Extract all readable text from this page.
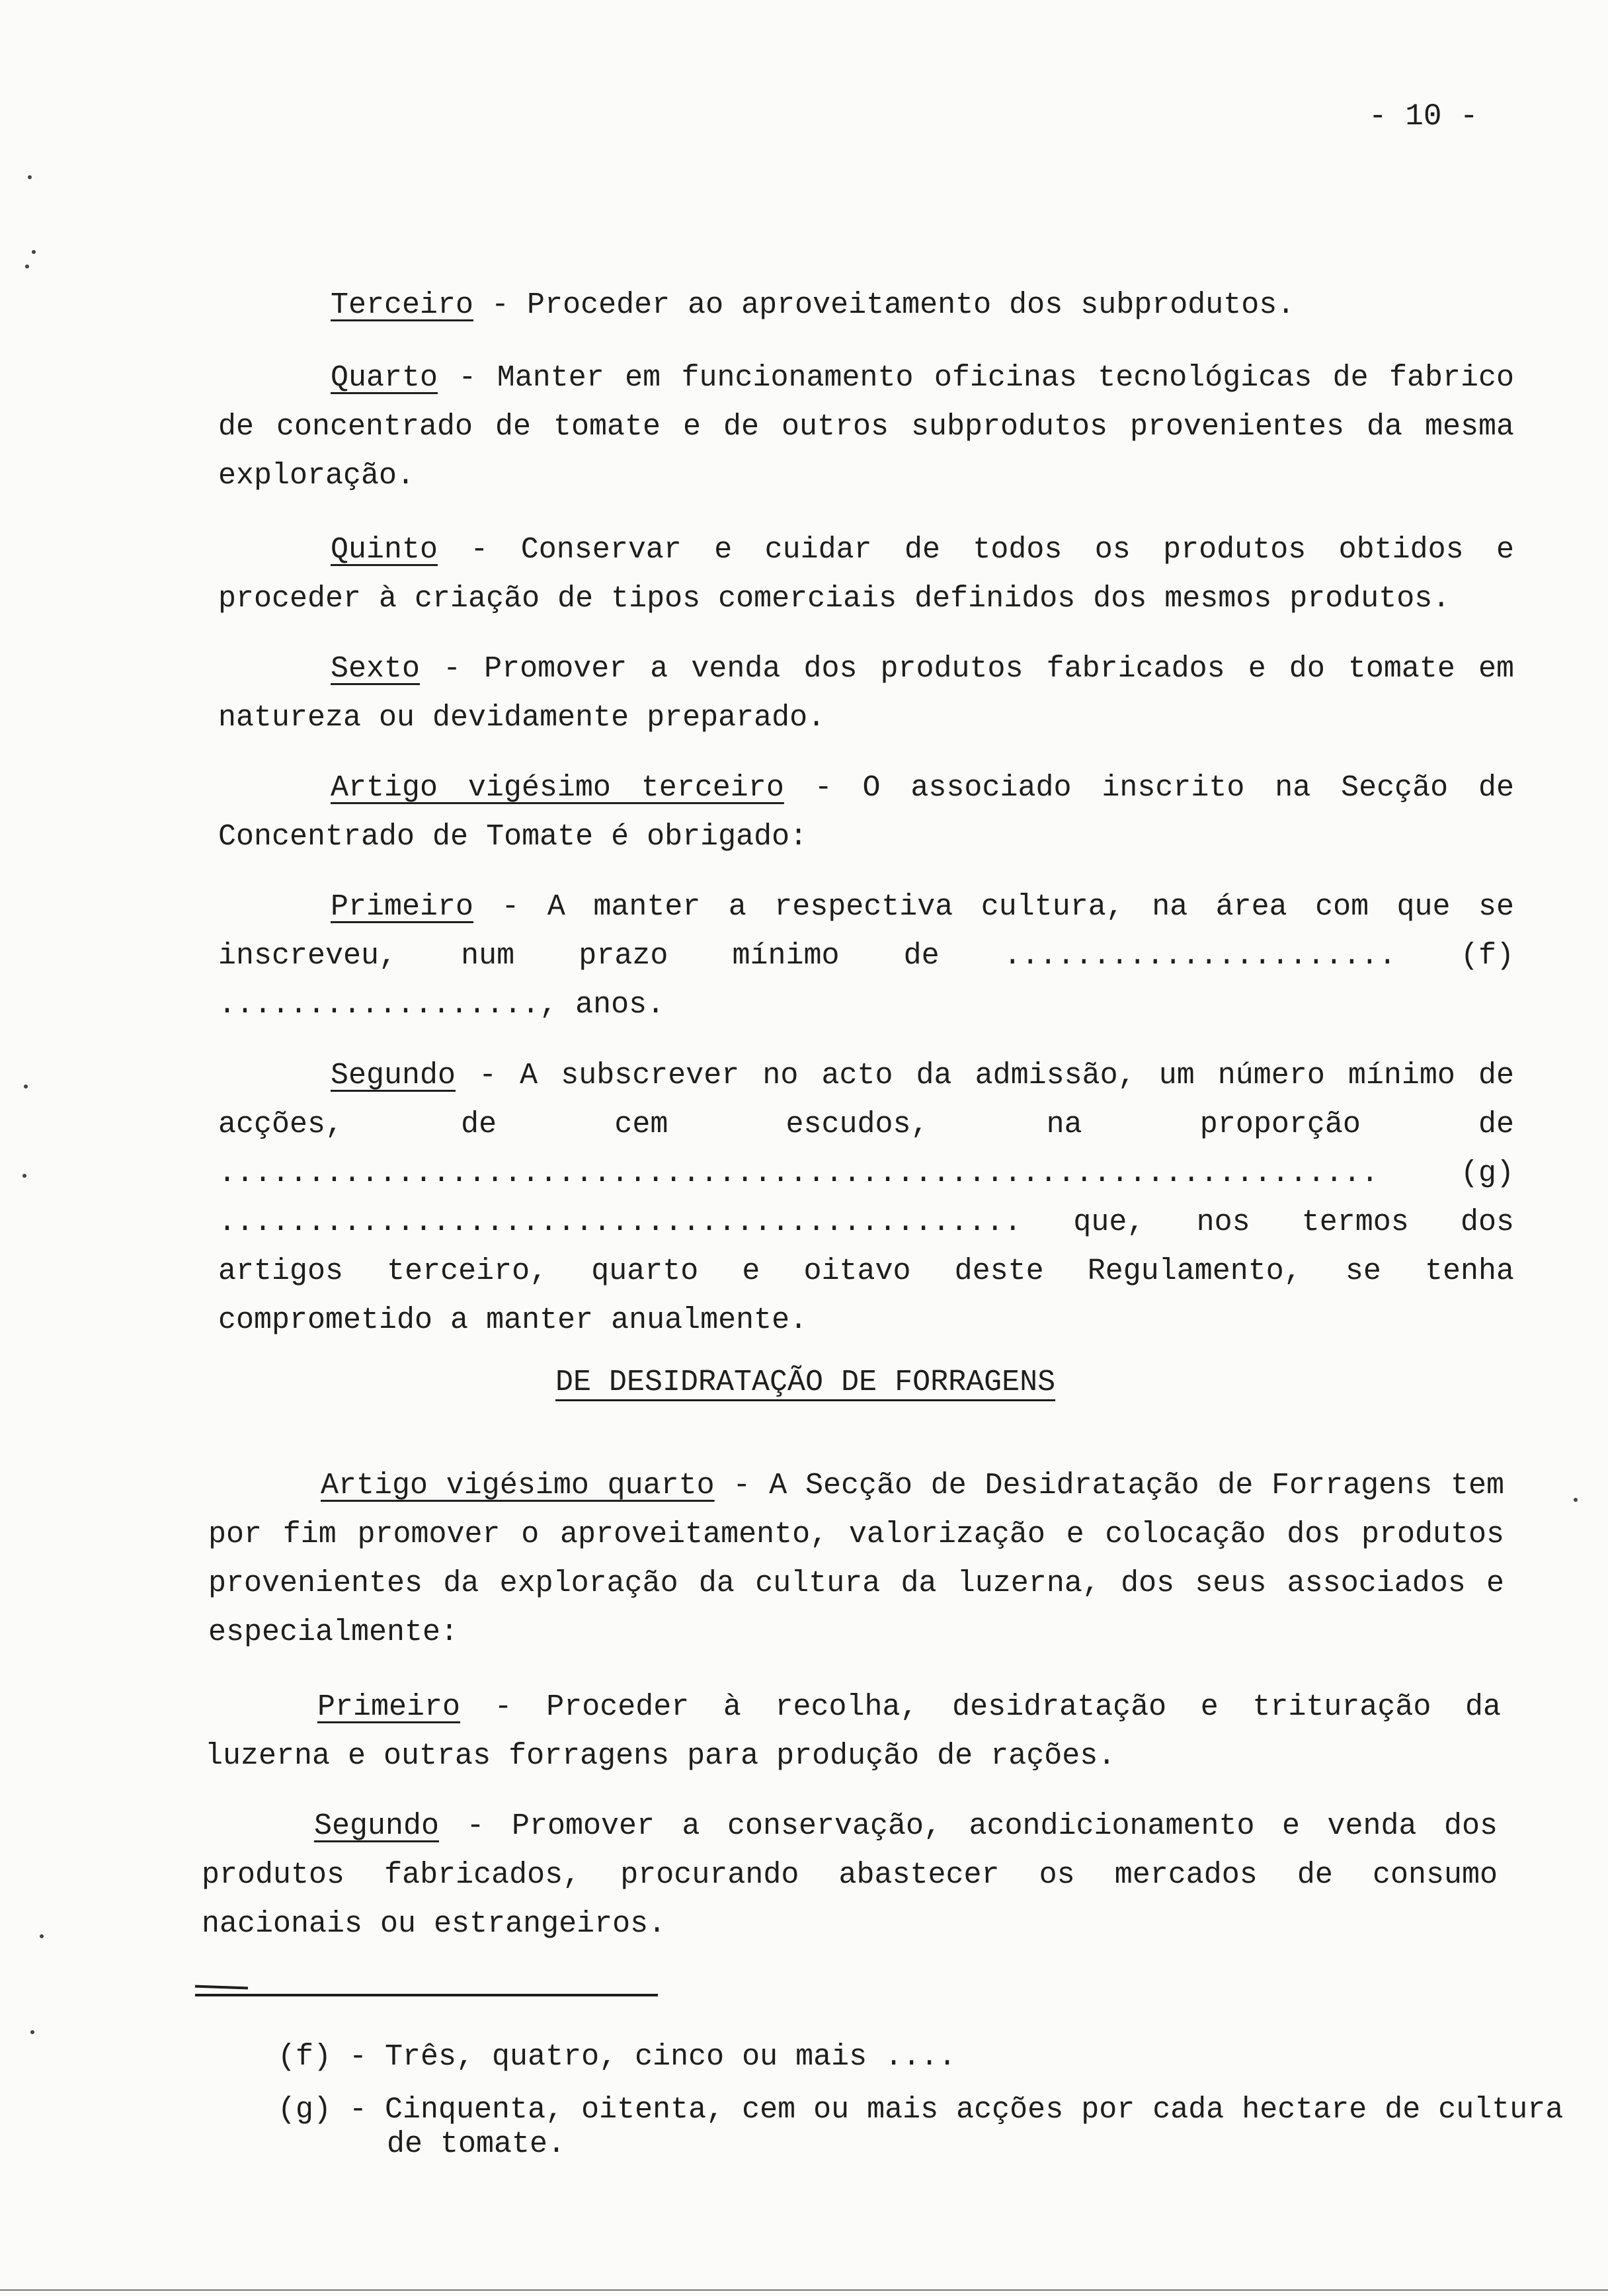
- 10 -

Terceiro - Proceder ao aproveitamento dos subprodutos.

Quarto - Manter em funcionamento oficinas tecnológicas de fabrico de concentrado de tomate e de outros subprodutos provenientes da mesma exploração.

Quinto - Conservar e cuidar de todos os produtos obtidos e proceder à criação de tipos comerciais definidos dos mesmos produtos.

Sexto - Promover a venda dos produtos fabricados e do tomate em natureza ou devidamente preparado.

Artigo vigésimo terceiro - O associado inscrito na Secção de Concentrado de Tomate é obrigado:

Primeiro - A manter a respectiva cultura, na área com que se inscreveu, num prazo mínimo de ...................... (f) .................., anos.

Segundo - A subscrever no acto da admissão, um número mínimo de acções, de cem escudos, na proporção de ................................................................. (g) ............................................. que, nos termos dos artigos terceiro, quarto e oitavo deste Regulamento, se tenha comprometido a manter anualmente.

DE DESIDRATAÇÃO DE FORRAGENS

Artigo vigésimo quarto - A Secção de Desidratação de Forragens tem por fim promover o aproveitamento, valorização e colocação dos produtos provenientes da exploração da cultura da luzerna, dos seus associados e especialmente:

Primeiro - Proceder à recolha, desidratação e trituração da luzerna e outras forragens para produção de rações.

Segundo - Promover a conservação, acondicionamento e venda dos produtos fabricados, procurando abastecer os mercados de consumo nacionais ou estrangeiros.

(f) - Três, quatro, cinco ou mais ....

(g) - Cinquenta, oitenta, cem ou mais acções por cada hectare de cultura de tomate.
